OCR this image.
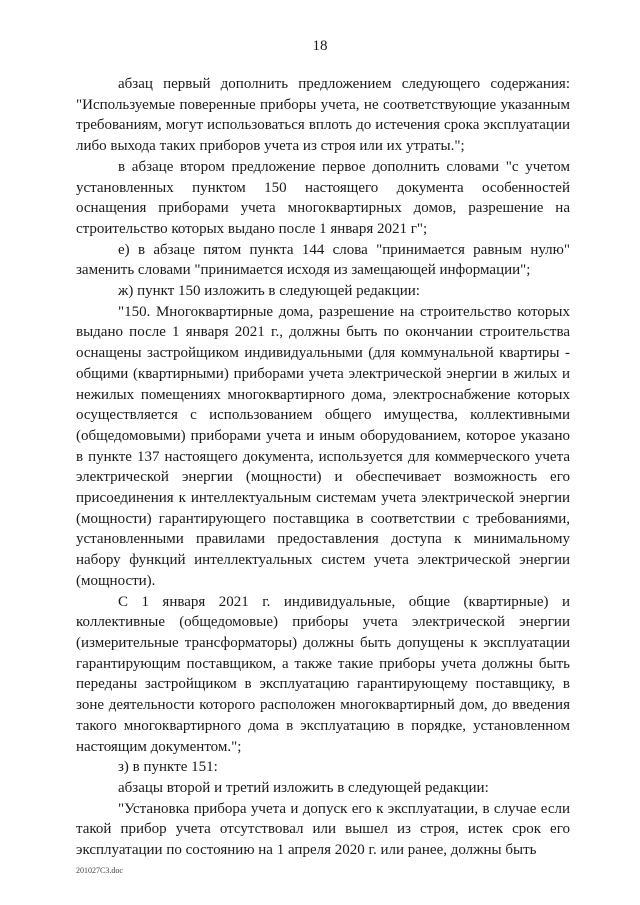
18

абзац первый дополнить предложением следующего содержания: "Используемые поверенные приборы учета, не соответствующие указанным требованиям, могут использоваться вплоть до истечения срока эксплуатации либо выхода таких приборов учета из строя или их утраты.";

в абзаце втором предложение первое дополнить словами "с учетом установленных пунктом 150 настоящего документа особенностей оснащения приборами учета многоквартирных домов, разрешение на строительство которых выдано после 1 января 2021 г";

е) в абзаце пятом пункта 144 слова "принимается равным нулю" заменить словами "принимается исходя из замещающей информации";

ж) пункт 150 изложить в следующей редакции:

"150. Многоквартирные дома, разрешение на строительство которых выдано после 1 января 2021 г., должны быть по окончании строительства оснащены застройщиком индивидуальными (для коммунальной квартиры - общими (квартирными) приборами учета электрической энергии в жилых и нежилых помещениях многоквартирного дома, электроснабжение которых осуществляется с использованием общего имущества, коллективными (общедомовыми) приборами учета и иным оборудованием, которое указано в пункте 137 настоящего документа, используется для коммерческого учета электрической энергии (мощности) и обеспечивает возможность его присоединения к интеллектуальным системам учета электрической энергии (мощности) гарантирующего поставщика в соответствии с требованиями, установленными правилами предоставления доступа к минимальному набору функций интеллектуальных систем учета электрической энергии (мощности).

С 1 января 2021 г. индивидуальные, общие (квартирные) и коллективные (общедомовые) приборы учета электрической энергии (измерительные трансформаторы) должны быть допущены к эксплуатации гарантирующим поставщиком, а также такие приборы учета должны быть переданы застройщиком в эксплуатацию гарантирующему поставщику, в зоне деятельности которого расположен многоквартирный дом, до введения такого многоквартирного дома в эксплуатацию в порядке, установленном настоящим документом.";

з) в пункте 151:

абзацы второй и третий изложить в следующей редакции:

"Установка прибора учета и допуск его к эксплуатации, в случае если такой прибор учета отсутствовал или вышел из строя, истек срок его эксплуатации по состоянию на 1 апреля 2020 г. или ранее, должны быть

201027C3.doc
